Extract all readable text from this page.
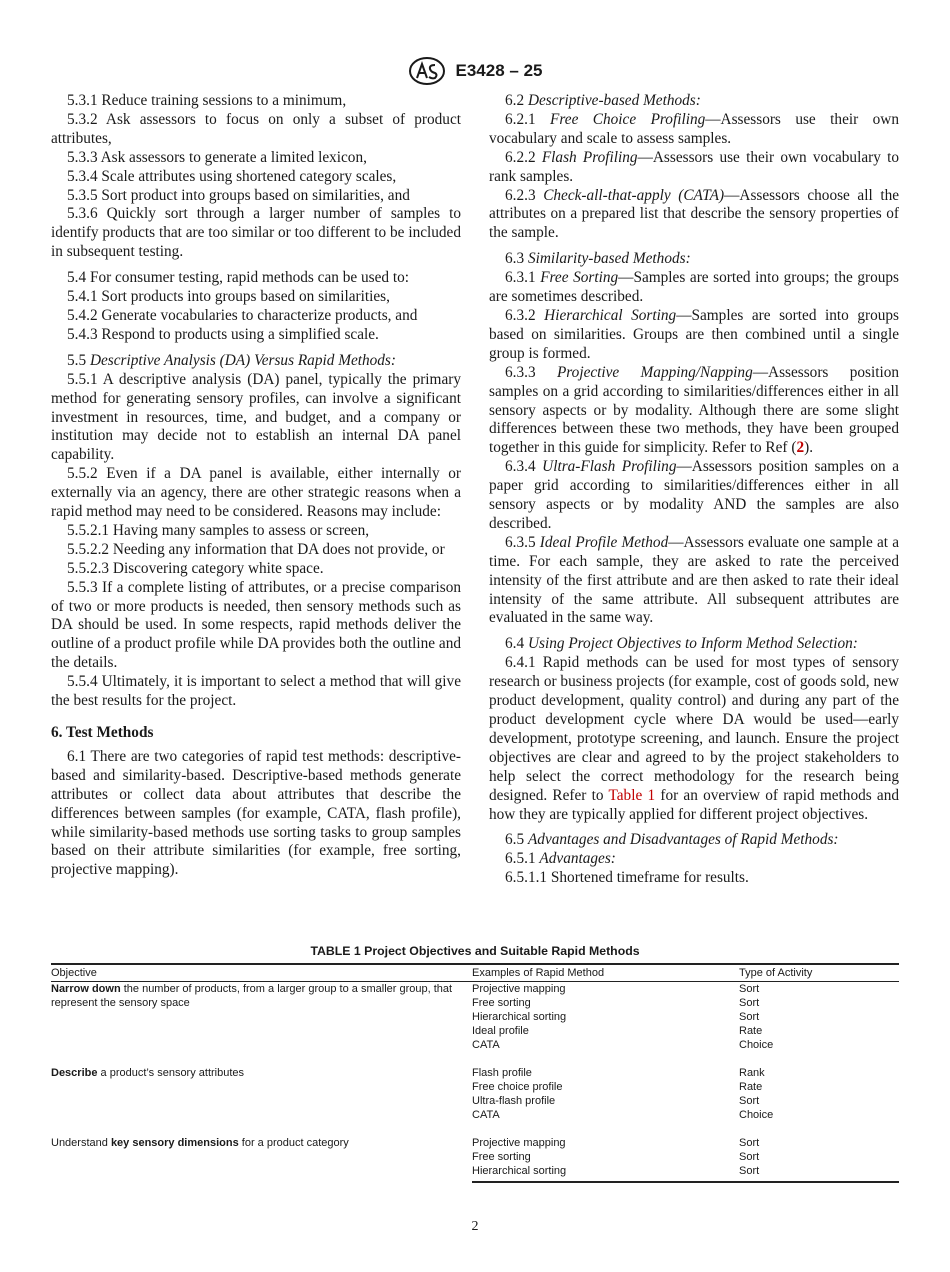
E3428 – 25

5.3.1 Reduce training sessions to a minimum,

5.3.2 Ask assessors to focus on only a subset of product attributes,

5.3.3 Ask assessors to generate a limited lexicon,

5.3.4 Scale attributes using shortened category scales,

5.3.5 Sort product into groups based on similarities, and

5.3.6 Quickly sort through a larger number of samples to identify products that are too similar or too different to be included in subsequent testing.

5.4 For consumer testing, rapid methods can be used to:

5.4.1 Sort products into groups based on similarities,

5.4.2 Generate vocabularies to characterize products, and

5.4.3 Respond to products using a simplified scale.

5.5 Descriptive Analysis (DA) Versus Rapid Methods:

5.5.1 A descriptive analysis (DA) panel, typically the primary method for generating sensory profiles, can involve a significant investment in resources, time, and budget, and a company or institution may decide not to establish an internal DA panel capability.

5.5.2 Even if a DA panel is available, either internally or externally via an agency, there are other strategic reasons when a rapid method may need to be considered. Reasons may include:

5.5.2.1 Having many samples to assess or screen,

5.5.2.2 Needing any information that DA does not provide, or

5.5.2.3 Discovering category white space.

5.5.3 If a complete listing of attributes, or a precise comparison of two or more products is needed, then sensory methods such as DA should be used. In some respects, rapid methods deliver the outline of a product profile while DA provides both the outline and the details.

5.5.4 Ultimately, it is important to select a method that will give the best results for the project.

6. Test Methods

6.1 There are two categories of rapid test methods: descriptive-based and similarity-based. Descriptive-based methods generate attributes or collect data about attributes that describe the differences between samples (for example, CATA, flash profile), while similarity-based methods use sorting tasks to group samples based on their attribute similarities (for example, free sorting, projective mapping).

6.2 Descriptive-based Methods:

6.2.1 Free Choice Profiling—Assessors use their own vocabulary and scale to assess samples.

6.2.2 Flash Profiling—Assessors use their own vocabulary to rank samples.

6.2.3 Check-all-that-apply (CATA)—Assessors choose all the attributes on a prepared list that describe the sensory properties of the sample.

6.3 Similarity-based Methods:

6.3.1 Free Sorting—Samples are sorted into groups; the groups are sometimes described.

6.3.2 Hierarchical Sorting—Samples are sorted into groups based on similarities. Groups are then combined until a single group is formed.

6.3.3 Projective Mapping/Napping—Assessors position samples on a grid according to similarities/differences either in all sensory aspects or by modality. Although there are some slight differences between these two methods, they have been grouped together in this guide for simplicity. Refer to Ref (2).

6.3.4 Ultra-Flash Profiling—Assessors position samples on a paper grid according to similarities/differences either in all sensory aspects or by modality AND the samples are also described.

6.3.5 Ideal Profile Method—Assessors evaluate one sample at a time. For each sample, they are asked to rate the perceived intensity of the first attribute and are then asked to rate their ideal intensity of the same attribute. All subsequent attributes are evaluated in the same way.

6.4 Using Project Objectives to Inform Method Selection:

6.4.1 Rapid methods can be used for most types of sensory research or business projects (for example, cost of goods sold, new product development, quality control) and during any part of the product development cycle where DA would be used—early development, prototype screening, and launch. Ensure the project objectives are clear and agreed to by the project stakeholders to help select the correct methodology for the research being designed. Refer to Table 1 for an overview of rapid methods and how they are typically applied for different project objectives.

6.5 Advantages and Disadvantages of Rapid Methods:

6.5.1 Advantages:

6.5.1.1 Shortened timeframe for results.

TABLE 1 Project Objectives and Suitable Rapid Methods
Objective	Examples of Rapid Method	Type of Activity
Narrow down the number of products, from a larger group to a smaller group, that represent the sensory space	Projective mapping	Sort
	Free sorting	Sort
	Hierarchical sorting	Sort
	Ideal profile	Rate
	CATA	Choice

Describe a product’s sensory attributes	Flash profile	Rank
	Free choice profile	Rate
	Ultra-flash profile	Sort
	CATA	Choice

Understand key sensory dimensions for a product category	Projective mapping	Sort
	Free sorting	Sort
	Hierarchical sorting	Sort
2
